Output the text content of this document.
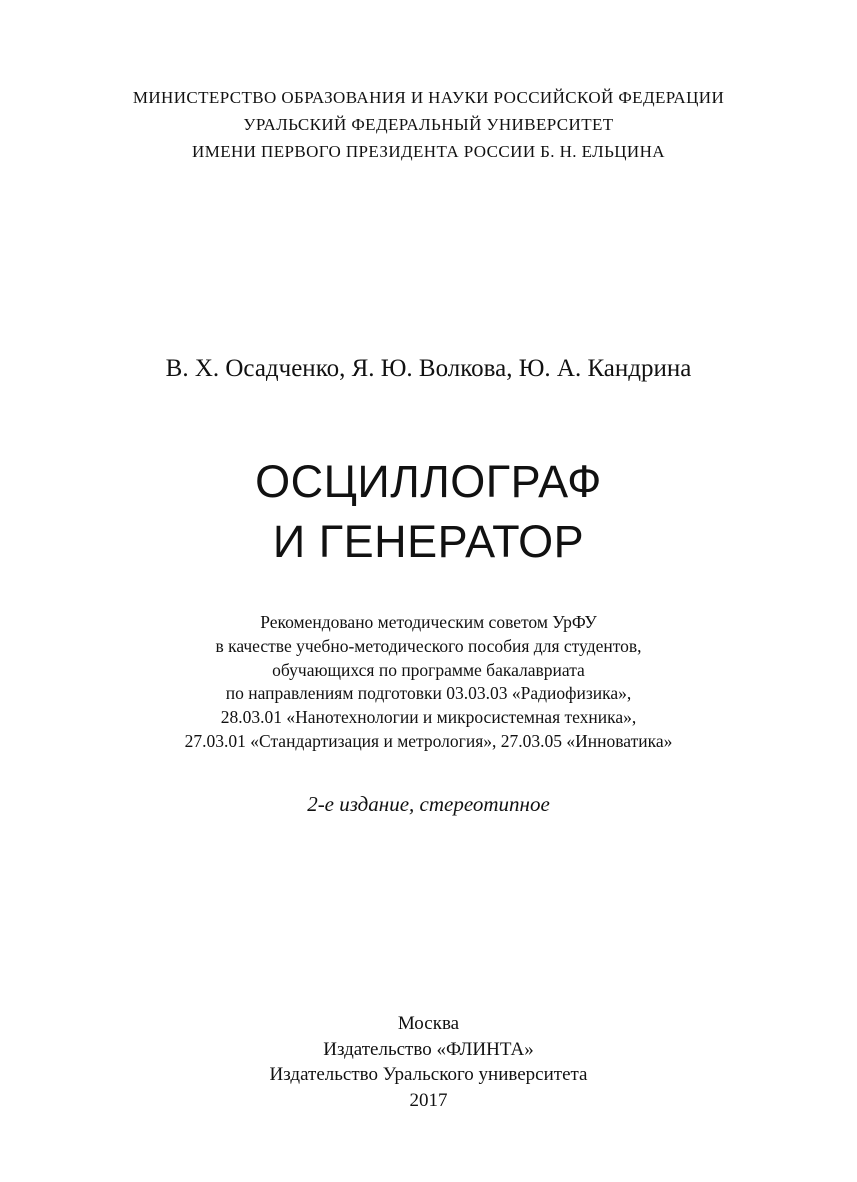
МИНИСТЕРСТВО ОБРАЗОВАНИЯ И НАУКИ РОССИЙСКОЙ ФЕДЕРАЦИИ
УРАЛЬСКИЙ ФЕДЕРАЛЬНЫЙ УНИВЕРСИТЕТ
ИМЕНИ ПЕРВОГО ПРЕЗИДЕНТА РОССИИ Б. Н. ЕЛЬЦИНА
В. Х. Осадченко, Я. Ю. Волкова, Ю. А. Кандрина
ОСЦИЛЛОГРАФ
И ГЕНЕРАТОР
Рекомендовано методическим советом УрФУ
в качестве учебно-методического пособия для студентов,
обучающихся по программе бакалавриата
по направлениям подготовки 03.03.03 «Радиофизика»,
28.03.01 «Нанотехнологии и микросистемная техника»,
27.03.01 «Стандартизация и метрология», 27.03.05 «Инноватика»
2-е издание, стереотипное
Москва
Издательство «ФЛИНТА»
Издательство Уральского университета
2017
